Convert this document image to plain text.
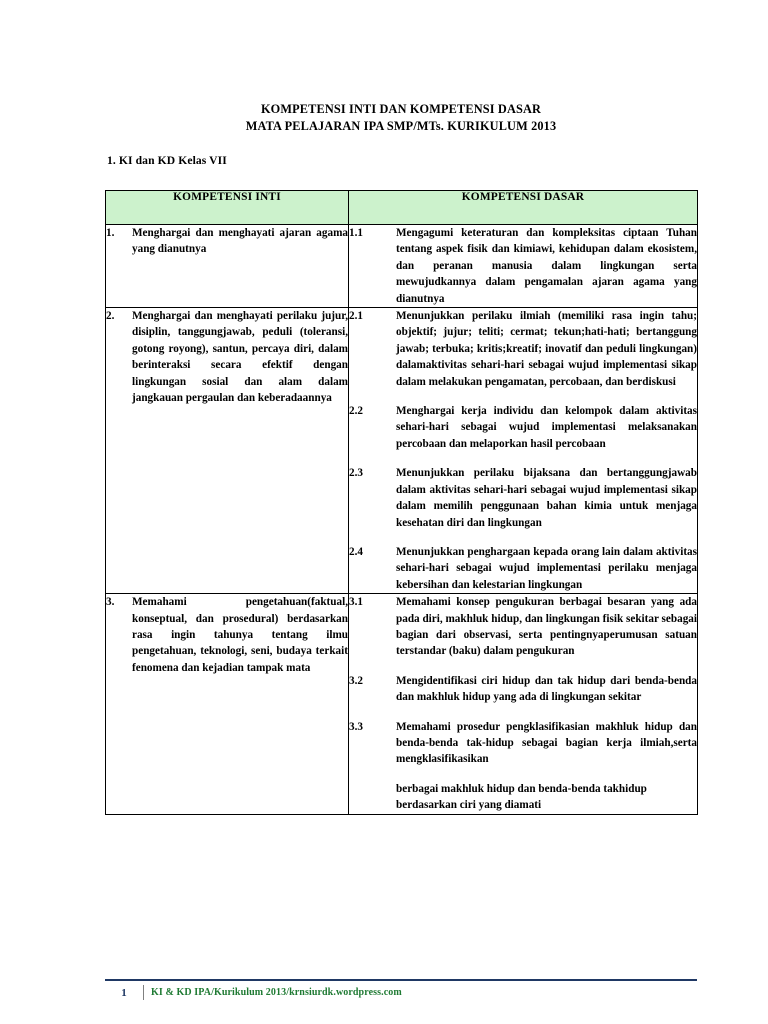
KOMPETENSI INTI DAN KOMPETENSI DASAR
MATA PELAJARAN IPA SMP/MTs. KURIKULUM 2013
1. KI dan KD Kelas VII
KOMPETENSI INTI	KOMPETENSI DASAR

1. Menghargai dan menghayati ajaran agama yang dianutnya	1.1 Mengagumi keteraturan dan kompleksitas ciptaan Tuhan tentang aspek fisik dan kimiawi, kehidupan dalam ekosistem, dan peranan manusia dalam lingkungan serta mewujudkannya dalam pengamalan ajaran agama yang dianutnya

2.	Menghargai dan menghayati perilaku jujur, disiplin, tanggungjawab, peduli (toleransi, gotong royong), santun, percaya diri, dalam berinteraksi secara efektif dengan lingkungan sosial dan alam dalam jangkauan pergaulan dan keberadaannya

2.1	Menunjukkan perilaku ilmiah (memiliki rasa ingin tahu; objektif; jujur; teliti; cermat; tekun;hati-hati; bertanggung jawab; terbuka; kritis;kreatif; inovatif dan peduli lingkungan) dalamaktivitas sehari-hari sebagai wujud implementasi sikap dalam melakukan pengamatan, percobaan, dan berdiskusi
2.2	Menghargai kerja individu dan kelompok dalam aktivitas sehari-hari sebagai wujud implementasi melaksanakan percobaan dan melaporkan hasil percobaan
2.3	Menunjukkan perilaku bijaksana dan bertanggungjawab dalam aktivitas sehari-hari sebagai wujud implementasi sikap dalam memilih penggunaan bahan kimia untuk menjaga kesehatan diri dan lingkungan
2.4	Menunjukkan penghargaan kepada orang lain dalam aktivitas sehari-hari sebagai wujud implementasi perilaku menjaga kebersihan dan kelestarian lingkungan

3.	Memahami pengetahuan(faktual, konseptual, dan prosedural) berdasarkan rasa ingin tahunya tentang ilmu pengetahuan, teknologi, seni, budaya terkait fenomena dan kejadian tampak mata

3.1	Memahami konsep pengukuran berbagai besaran yang ada pada diri, makhluk hidup, dan lingkungan fisik sekitar sebagai bagian dari observasi, serta pentingnyaperumusan satuan terstandar (baku) dalam pengukuran
3.2	Mengidentifikasi ciri hidup dan tak hidup dari benda-benda dan makhluk hidup yang ada di lingkungan sekitar
3.3	Memahami prosedur pengklasifikasian makhluk hidup dan benda-benda tak-hidup sebagai bagian kerja ilmiah,serta mengklasifikasikan

berbagai makhluk hidup dan benda-benda takhidup berdasarkan ciri yang diamati

1	KI & KD IPA/Kurikulum 2013/krnsiurdk.wordpress.com
